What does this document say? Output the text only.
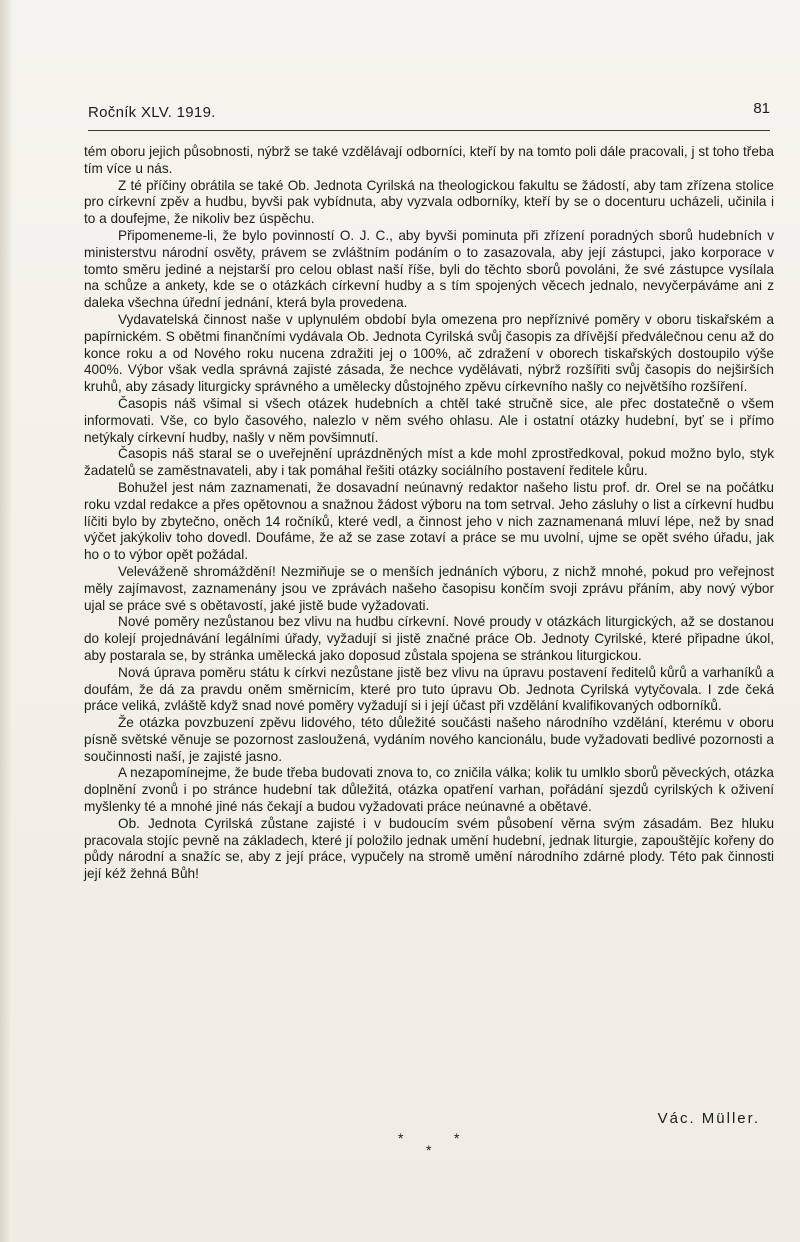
Ročník XLV. 1919.	81

tém oboru jejich působnosti, nýbrž se také vzdělávají odborníci, kteří by na tomto poli dále pracovali, j st toho třeba tím více u nás.

Z té příčiny obrátila se také Ob. Jednota Cyrilská na theologickou fakultu se žádostí, aby tam zřízena stolice pro církevní zpěv a hudbu, byvši pak vybídnuta, aby vyzvala odborníky, kteří by se o docenturu ucházeli, učinila i to a doufejme, že nikoliv bez úspěchu.

Připomeneme-li, že bylo povinností O. J. C., aby byvši pominuta při zřízení poradných sborů hudebních v ministerstvu národní osvěty, právem se zvláštním podáním o to zasazovala, aby její zástupci, jako korporace v tomto směru jediné a nejstarší pro celou oblast naší říše, byli do těchto sborů povoláni, že své zástupce vysílala na schůze a ankety, kde se o otázkách církevní hudby a s tím spojených věcech jednalo, nevyčerpáváme ani z daleka všechna úřední jednání, která byla provedena.

Vydavatelská činnost naše v uplynulém období byla omezena pro nepříznivé poměry v oboru tiskařském a papírnickém. S obětmi finančními vydávala Ob. Jednota Cyrilská svůj časopis za dřívější předválečnou cenu až do konce roku a od Nového roku nucena zdražiti jej o 100%, ač zdražení v oborech tiskařských dostoupilo výše 400%. Výbor však vedla správná zajisté zásada, že nechce vydělávati, nýbrž rozšířiti svůj časopis do nejširších kruhů, aby zásady liturgicky správného a umělecky důstojného zpěvu církevního našly co největšího rozšíření.

Časopis náš všimal si všech otázek hudebních a chtěl také stručně sice, ale přec dostatečně o všem informovati. Vše, co bylo časového, nalezlo v něm svého ohlasu. Ale i ostatní otázky hudební, byť se i přímo netýkaly církevní hudby, našly v něm povšimnutí.

Časopis náš staral se o uveřejnění uprázdněných míst a kde mohl zprostředkoval, pokud možno bylo, styk žadatelů se zaměstnavateli, aby i tak pomáhal řešiti otázky sociálního postavení ředitele kůru.

Bohužel jest nám zaznamenati, že dosavadní neúnavný redaktor našeho listu prof. dr. Orel se na počátku roku vzdal redakce a přes opětovnou a snažnou žádost výboru na tom setrval. Jeho zásluhy o list a církevní hudbu líčiti bylo by zbytečno, oněch 14 ročníků, které vedl, a činnost jeho v nich zaznamenaná mluví lépe, než by snad výčet jakýkoliv toho dovedl. Doufáme, že až se zase zotaví a práce se mu uvolní, ujme se opět svého úřadu, jak ho o to výbor opět požádal.

Veleváženě shromáždění! Nezmiňuje se o menších jednáních výboru, z nichž mnohé, pokud pro veřejnost měly zajímavost, zaznamenány jsou ve zprávách našeho časopisu končím svoji zprávu přáním, aby nový výbor ujal se práce své s obětavostí, jaké jistě bude vyžadovati.

Nové poměry nezůstanou bez vlivu na hudbu církevní. Nové proudy v otázkách liturgických, až se dostanou do kolejí projednávání legálními úřady, vyžadují si jistě značné práce Ob. Jednoty Cyrilské, které připadne úkol, aby postarala se, by stránka umělecká jako doposud zůstala spojena se stránkou liturgickou.

Nová úprava poměru státu k církvi nezůstane jistě bez vlivu na úpravu postavení ředitelů kůrů a varhaníků a doufám, že dá za pravdu oněm směrnicím, které pro tuto úpravu Ob. Jednota Cyrilská vytyčovala. I zde čeká práce veliká, zvláště když snad nové poměry vyžadují si i její účast při vzdělání kvalifikovaných odborníků.

Že otázka povzbuzení zpěvu lidového, této důležité součásti našeho národního vzdělání, kterému v oboru písně světské věnuje se pozornost zasloužená, vydáním nového kancionálu, bude vyžadovati bedlivé pozornosti a součinnosti naší, je zajisté jasno.

A nezapomínejme, že bude třeba budovati znova to, co zničila válka; kolik tu umlklo sborů pěveckých, otázka doplnění zvonů i po stránce hudební tak důležitá, otázka opatření varhan, pořádání sjezdů cyrilských k oživení myšlenky té a mnohé jiné nás čekají a budou vyžadovati práce neúnavné a obětavé.

Ob. Jednota Cyrilská zůstane zajisté i v budoucím svém působení věrna svým zásadám. Bez hluku pracovala stojíc pevně na základech, které jí položilo jednak umění hudební, jednak liturgie, zapouštějíc kořeny do půdy národní a snažíc se, aby z její práce, vypučely na stromě umění národního zdárné plody. Této pak činnosti její kéž žehná Bůh!

Vác. Müller.
*	*
*
